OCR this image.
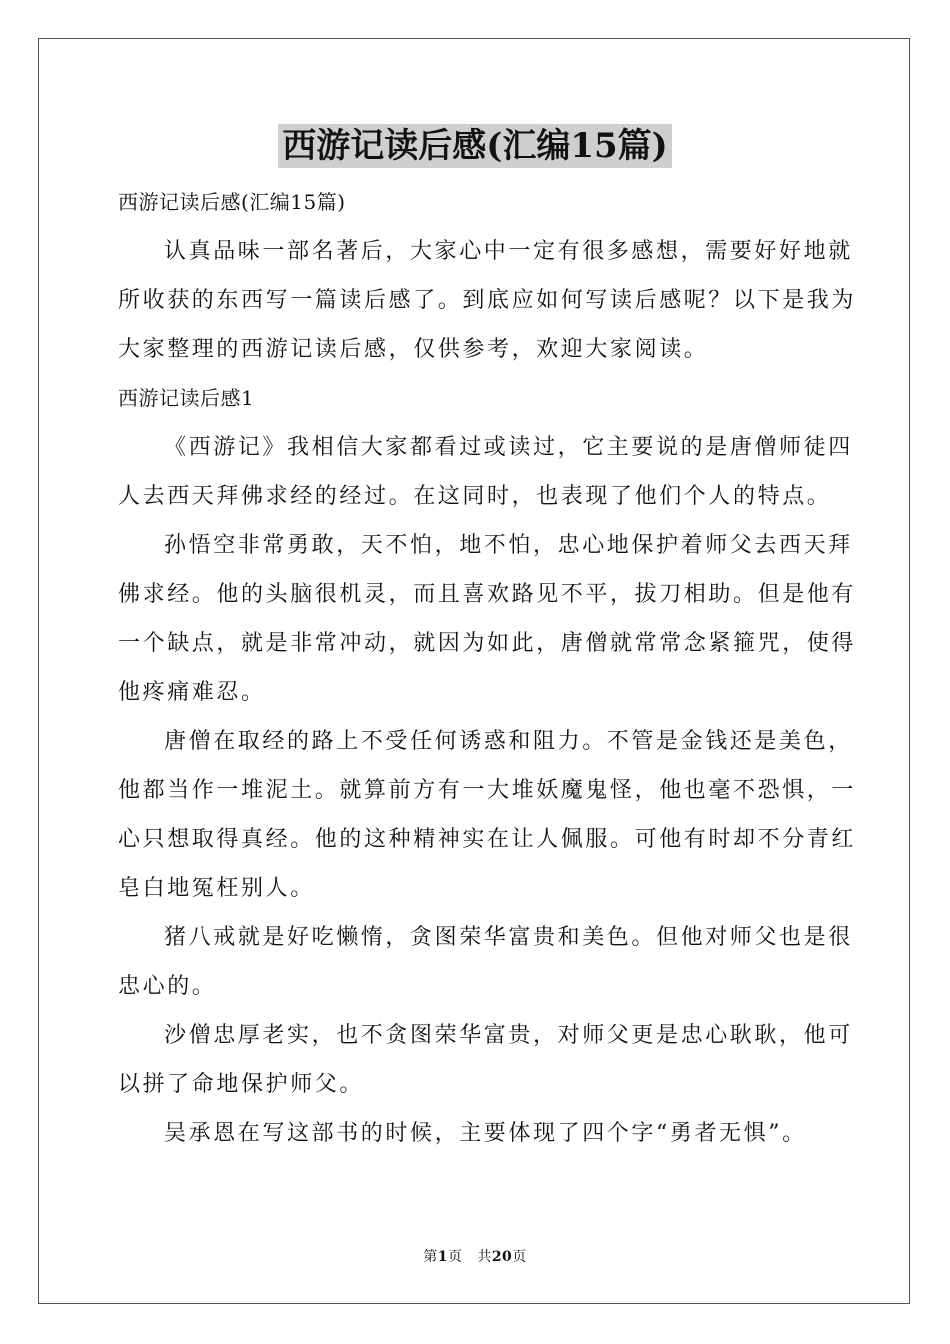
西游记读后感(汇编15篇)
西游记读后感(汇编15篇)
认真品味一部名著后，大家心中一定有很多感想，需要好好地就
所收获的东西写一篇读后感了。到底应如何写读后感呢？以下是我为
大家整理的西游记读后感，仅供参考，欢迎大家阅读。
西游记读后感1
《西游记》我相信大家都看过或读过，它主要说的是唐僧师徒四
人去西天拜佛求经的经过。在这同时，也表现了他们个人的特点。
孙悟空非常勇敢，天不怕，地不怕，忠心地保护着师父去西天拜
佛求经。他的头脑很机灵，而且喜欢路见不平，拔刀相助。但是他有
一个缺点，就是非常冲动，就因为如此，唐僧就常常念紧箍咒，使得
他疼痛难忍。
唐僧在取经的路上不受任何诱惑和阻力。不管是金钱还是美色，
他都当作一堆泥土。就算前方有一大堆妖魔鬼怪，他也毫不恐惧，一
心只想取得真经。他的这种精神实在让人佩服。可他有时却不分青红
皂白地冤枉别人。
猪八戒就是好吃懒惰，贪图荣华富贵和美色。但他对师父也是很
忠心的。
沙僧忠厚老实，也不贪图荣华富贵，对师父更是忠心耿耿，他可
以拼了命地保护师父。
吴承恩在写这部书的时候，主要体现了四个字“勇者无惧”。
第1页 共20页
